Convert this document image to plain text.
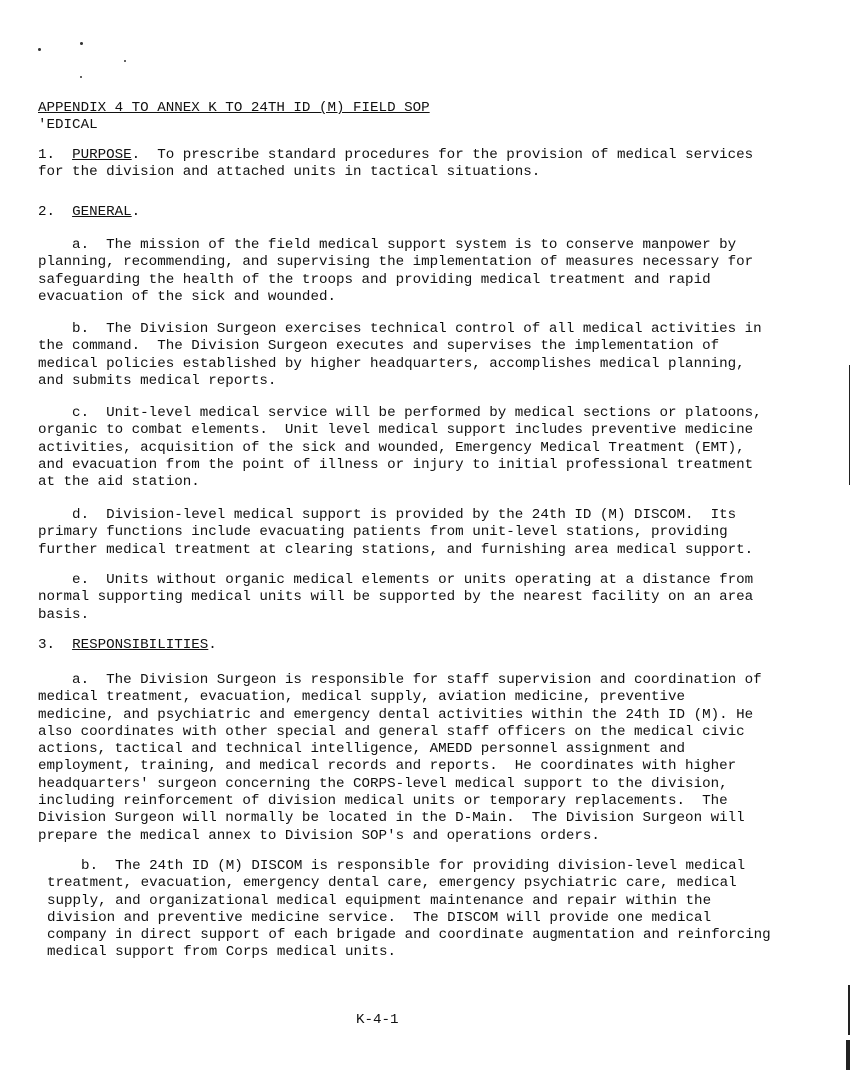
APPENDIX 4 TO ANNEX K TO 24TH ID (M) FIELD SOP
'EDICAL
1. PURPOSE.  To prescribe standard procedures for the provision of medical services
for the division and attached units in tactical situations.
2. GENERAL.
a.  The mission of the field medical support system is to conserve manpower by
planning, recommending, and supervising the implementation of measures necessary for
safeguarding the health of the troops and providing medical treatment and rapid
evacuation of the sick and wounded.
b.  The Division Surgeon exercises technical control of all medical activities in
the command.  The Division Surgeon executes and supervises the implementation of
medical policies established by higher headquarters, accomplishes medical planning,
and submits medical reports.
c.  Unit-level medical service will be performed by medical sections or platoons,
organic to combat elements.  Unit level medical support includes preventive medicine
activities, acquisition of the sick and wounded, Emergency Medical Treatment (EMT),
and evacuation from the point of illness or injury to initial professional treatment
at the aid station.
d.  Division-level medical support is provided by the 24th ID (M) DISCOM.  Its
primary functions include evacuating patients from unit-level stations, providing
further medical treatment at clearing stations, and furnishing area medical support.
e.  Units without organic medical elements or units operating at a distance from
normal supporting medical units will be supported by the nearest facility on an area
basis.
3. RESPONSIBILITIES.
a.  The Division Surgeon is responsible for staff supervision and coordination of
medical treatment, evacuation, medical supply, aviation medicine, preventive
medicine, and psychiatric and emergency dental activities within the 24th ID (M). He
also coordinates with other special and general staff officers on the medical civic
actions, tactical and technical intelligence, AMEDD personnel assignment and
employment, training, and medical records and reports.  He coordinates with higher
headquarters' surgeon concerning the CORPS-level medical support to the division,
including reinforcement of division medical units or temporary replacements.  The
Division Surgeon will normally be located in the D-Main.  The Division Surgeon will
prepare the medical annex to Division SOP's and operations orders.
b.  The 24th ID (M) DISCOM is responsible for providing division-level medical
treatment, evacuation, emergency dental care, emergency psychiatric care, medical
supply, and organizational medical equipment maintenance and repair within the
division and preventive medicine service.  The DISCOM will provide one medical
company in direct support of each brigade and coordinate augmentation and reinforcing
medical support from Corps medical units.
K-4-1
